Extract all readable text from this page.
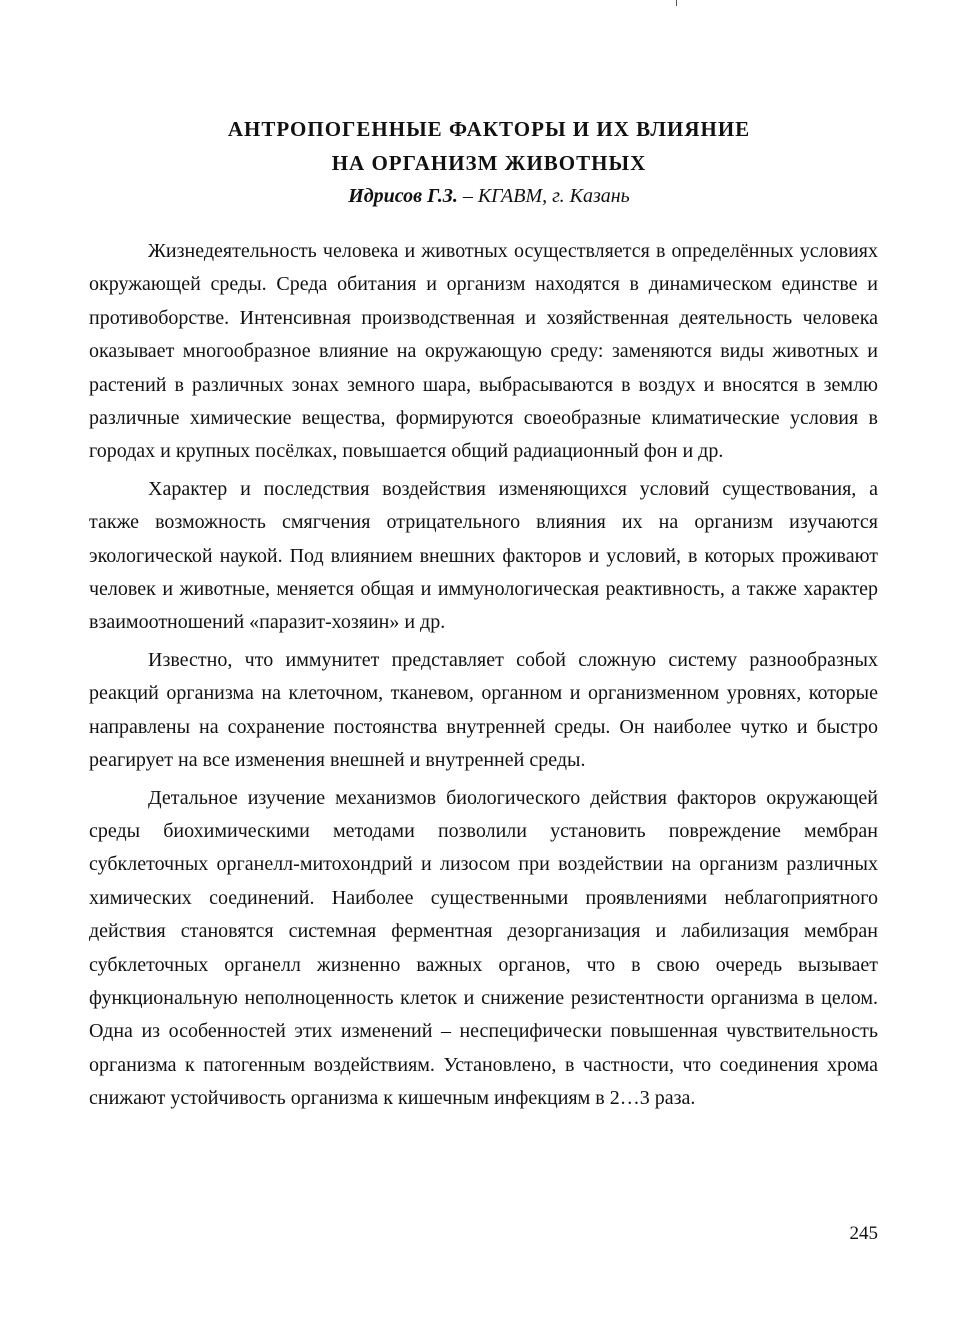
АНТРОПОГЕННЫЕ ФАКТОРЫ И ИХ ВЛИЯНИЕ
НА ОРГАНИЗМ ЖИВОТНЫХ
Идрисов Г.З. – КГАВМ, г. Казань

Жизнедеятельность человека и животных осуществляется в определённых условиях окружающей среды. Среда обитания и организм находятся в динамическом единстве и противоборстве. Интенсивная производственная и хозяйственная деятельность человека оказывает многообразное влияние на окружающую среду: заменяются виды животных и растений в различных зонах земного шара, выбрасываются в воздух и вносятся в землю различные химические вещества, формируются своеобразные климатические условия в городах и крупных посёлках, повышается общий радиационный фон и др.

Характер и последствия воздействия изменяющихся условий существования, а также возможность смягчения отрицательного влияния их на организм изучаются экологической наукой. Под влиянием внешних факторов и условий, в которых проживают человек и животные, меняется общая и иммунологическая реактивность, а также характер взаимоотношений «паразит-хозяин» и др.

Известно, что иммунитет представляет собой сложную систему разнообразных реакций организма на клеточном, тканевом, органном и организменном уровнях, которые направлены на сохранение постоянства внутренней среды. Он наиболее чутко и быстро реагирует на все изменения внешней и внутренней среды.

Детальное изучение механизмов биологического действия факторов окружающей среды биохимическими методами позволили установить повреждение мембран субклеточных органелл-митохондрий и лизосом при воздействии на организм различных химических соединений. Наиболее существенными проявлениями неблагоприятного действия становятся системная ферментная дезорганизация и лабилизация мембран субклеточных органелл жизненно важных органов, что в свою очередь вызывает функциональную неполноценность клеток и снижение резистентности организма в целом. Одна из особенностей этих изменений – неспецифически повышенная чувствительность организма к патогенным воздействиям. Установлено, в частности, что соединения хрома снижают устойчивость организма к кишечным инфекциям в 2…3 раза.

245
